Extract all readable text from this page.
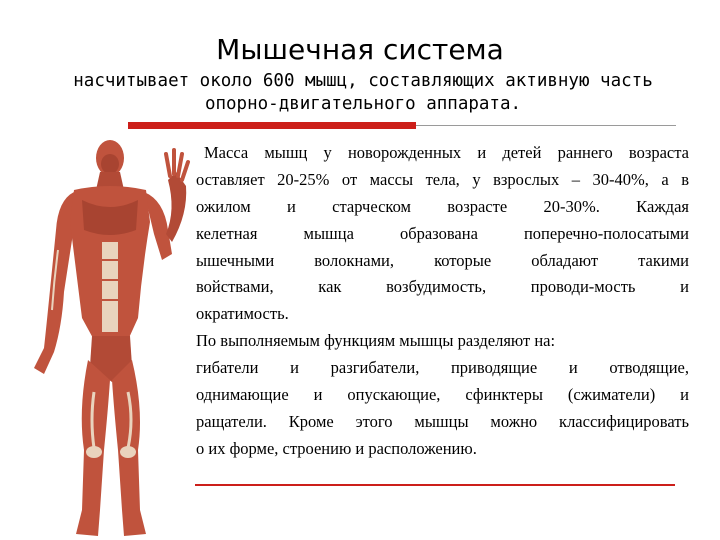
Мышечная система
насчитывает около 600 мышц, составляющих активную часть
опорно-двигательного аппарата.
Масса мышц у новорожденных и детей раннего возраста
оставляет 20-25% от массы тела, у взрослых – 30-40%, а в
ожилом и старческом возрасте 20-30%. Каждая
келетная мышца образована поперечно-полосатыми
ышечными волокнами, которые обладают такими
войствами, как возбудимость, проводи-мость и
ократимость.
По выполняемым функциям мышцы разделяют на:
гибатели и разгибатели, приводящие и отводящие,
однимающие и опускающие, сфинктеры (сжиматели) и
ращатели. Кроме этого мышцы можно классифицировать
о их форме, строению и расположению.
